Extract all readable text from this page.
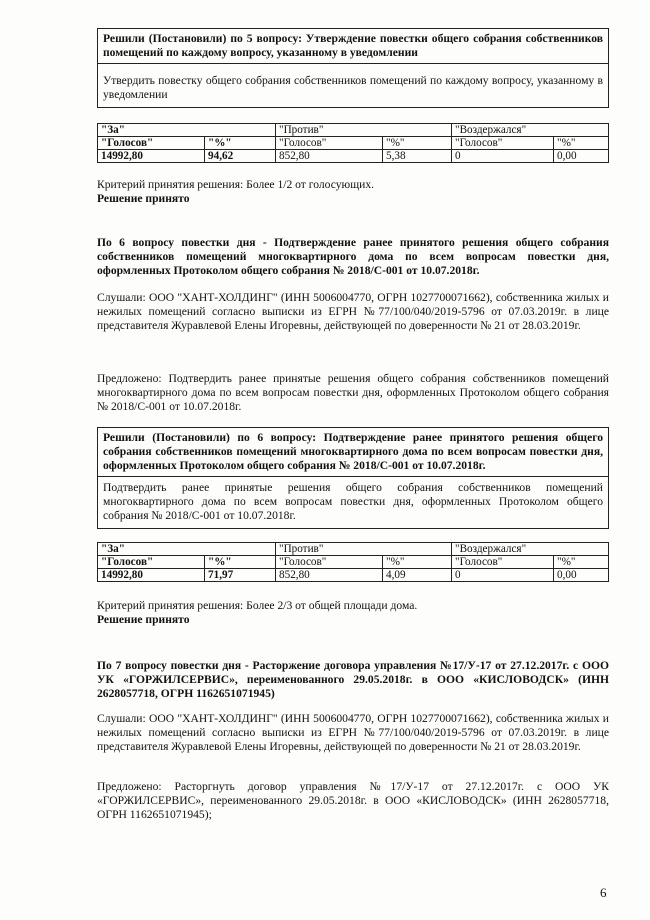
Решили (Постановили) по 5 вопросу: Утверждение повестки общего собрания собственников помещений по каждому вопросу, указанному в уведомлении
Утвердить повестку общего собрания собственников помещений по каждому вопросу, указанному в уведомлении
"За"		"Против"		"Воздержался"	
"Голосов"	"%"	"Голосов"	"%"	"Голосов"	"%"
14992,80	94,62	852,80	5,38	0	0,00
Критерий принятия решения: Более 1/2 от голосующих.
Решение принято
По 6 вопросу повестки дня - Подтверждение ранее принятого решения общего собрания собственников помещений многоквартирного дома по всем вопросам повестки дня, оформленных Протоколом общего собрания № 2018/С-001 от 10.07.2018г.
Слушали: ООО "ХАНТ-ХОЛДИНГ" (ИНН 5006004770, ОГРН 1027700071662), собственника жилых и нежилых помещений согласно выписки из ЕГРН №77/100/040/2019-5796 от 07.03.2019г. в лице представителя Журавлевой Елены Игоревны, действующей по доверенности № 21 от 28.03.2019г.
Предложено: Подтвердить ранее принятые решения общего собрания собственников помещений многоквартирного дома по всем вопросам повестки дня, оформленных Протоколом общего собрания № 2018/С-001 от 10.07.2018г.
Решили (Постановили) по 6 вопросу: Подтверждение ранее принятого решения общего собрания собственников помещений многоквартирного дома по всем вопросам повестки дня, оформленных Протоколом общего собрания № 2018/С-001 от 10.07.2018г.
Подтвердить ранее принятые решения общего собрания собственников помещений многоквартирного дома по всем вопросам повестки дня, оформленных Протоколом общего собрания № 2018/С-001 от 10.07.2018г.
"За"		"Против"		"Воздержался"	
"Голосов"	"%"	"Голосов"	"%"	"Голосов"	"%"
14992,80	71,97	852,80	4,09	0	0,00
Критерий принятия решения: Более 2/3 от общей площади дома.
Решение принято
По 7 вопросу повестки дня - Расторжение договора управления №17/У-17 от 27.12.2017г. с ООО УК «ГОРЖИЛСЕРВИС», переименованного 29.05.2018г. в ООО «КИСЛОВОДСК» (ИНН 2628057718, ОГРН 1162651071945)
Слушали: ООО "ХАНТ-ХОЛДИНГ" (ИНН 5006004770, ОГРН 1027700071662), собственника жилых и нежилых помещений согласно выписки из ЕГРН №77/100/040/2019-5796 от 07.03.2019г. в лице представителя Журавлевой Елены Игоревны, действующей по доверенности № 21 от 28.03.2019г.
Предложено: Расторгнуть договор управления №17/У-17 от 27.12.2017г. с ООО УК «ГОРЖИЛСЕРВИС», переименованного 29.05.2018г. в ООО «КИСЛОВОДСК» (ИНН 2628057718, ОГРН 1162651071945);
6
